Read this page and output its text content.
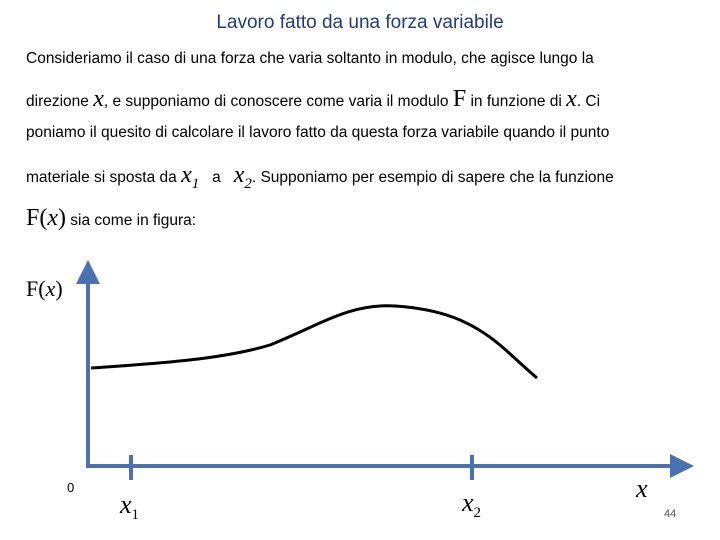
Lavoro fatto da una forza variabile
Consideriamo il caso di una forza che varia soltanto in modulo, che agisce lungo la
direzione x, e supponiamo di conoscere come varia il modulo F in funzione di x. Ci
poniamo il quesito di calcolare il lavoro fatto da questa forza variabile quando il punto
materiale si sposta da $x_1$   a   $x_2$. Supponiamo per esempio di sapere che la funzione
F(x) sia come in figura:
F(x)
0
$x_1$	$x_2$
x
44
